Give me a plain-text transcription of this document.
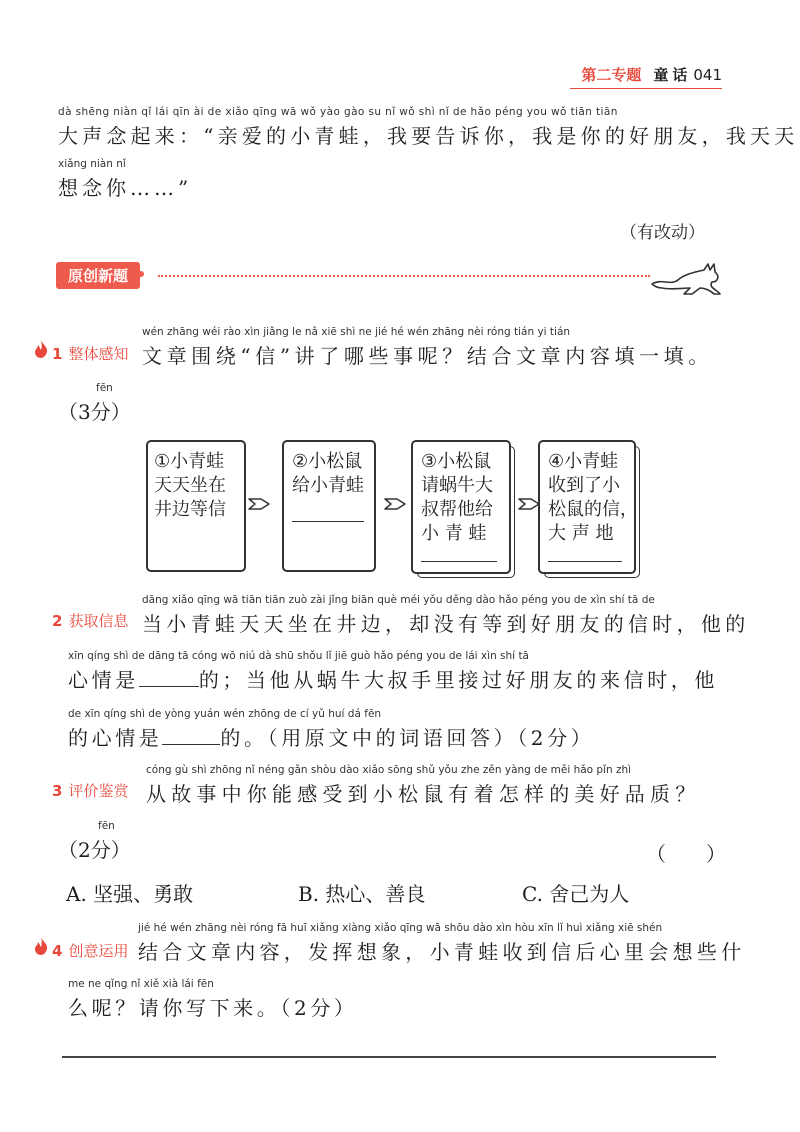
第二专题 童话 041
dà shēng niàn qǐ lái qīn ài de xiǎo qīng wā wǒ yào gào su nǐ wǒ shì nǐ de hǎo péng you wǒ tiān tiān
大声念起来：“亲爱的小青蛙，我要告诉你，我是你的好朋友，我天天
xiǎng niàn nǐ
想念你……”
（有改动）
原创新题
1 整体感知
wén zhāng wéi rào xìn jiǎng le nǎ xiē shì ne jié hé wén zhāng nèi róng tián yi tián
文章围绕“信”讲了哪些事呢？结合文章内容填一填。
fēn
（3分）
①小青蛙
天天坐在
井边等信
②小松鼠
给小青蛙
③小松鼠
请蜗牛大
叔帮他给
小 青 蛙
④小青蛙
收到了小
松鼠的信，
大 声 地
2 获取信息
dāng xiǎo qīng wā tiān tiān zuò zài jǐng biān què méi yǒu děng dào hǎo péng you de xìn shí tā de
当小青蛙天天坐在井边，却没有等到好朋友的信时，他的
xīn qíng shì de dāng tā cóng wō niú dà shū shǒu lǐ jiē guò hǎo péng you de lái xìn shí tā
心情是	的；当他从蜗牛大叔手里接过好朋友的来信时，他
de xīn qíng shì de yòng yuán wén zhōng de cí yǔ huí dá fēn
的心情是	的。（用原文中的词语回答）（2分）
3 评价鉴赏
cóng gù shì zhōng nǐ néng gǎn shòu dào xiǎo sōng shǔ yǒu zhe zěn yàng de měi hǎo pǐn zhì
从故事中你能感受到小松鼠有着怎样的美好品质？
fēn
（2分）	（　　）
A. 坚强、勇敢	B. 热心、善良	C. 舍己为人
4 创意运用
jié hé wén zhāng nèi róng fā huī xiǎng xiàng xiǎo qīng wā shōu dào xìn hòu xīn lǐ huì xiǎng xiē shén
结合文章内容，发挥想象，小青蛙收到信后心里会想些什
me ne qǐng nǐ xiě xià lái fēn
么呢？请你写下来。（2分）
